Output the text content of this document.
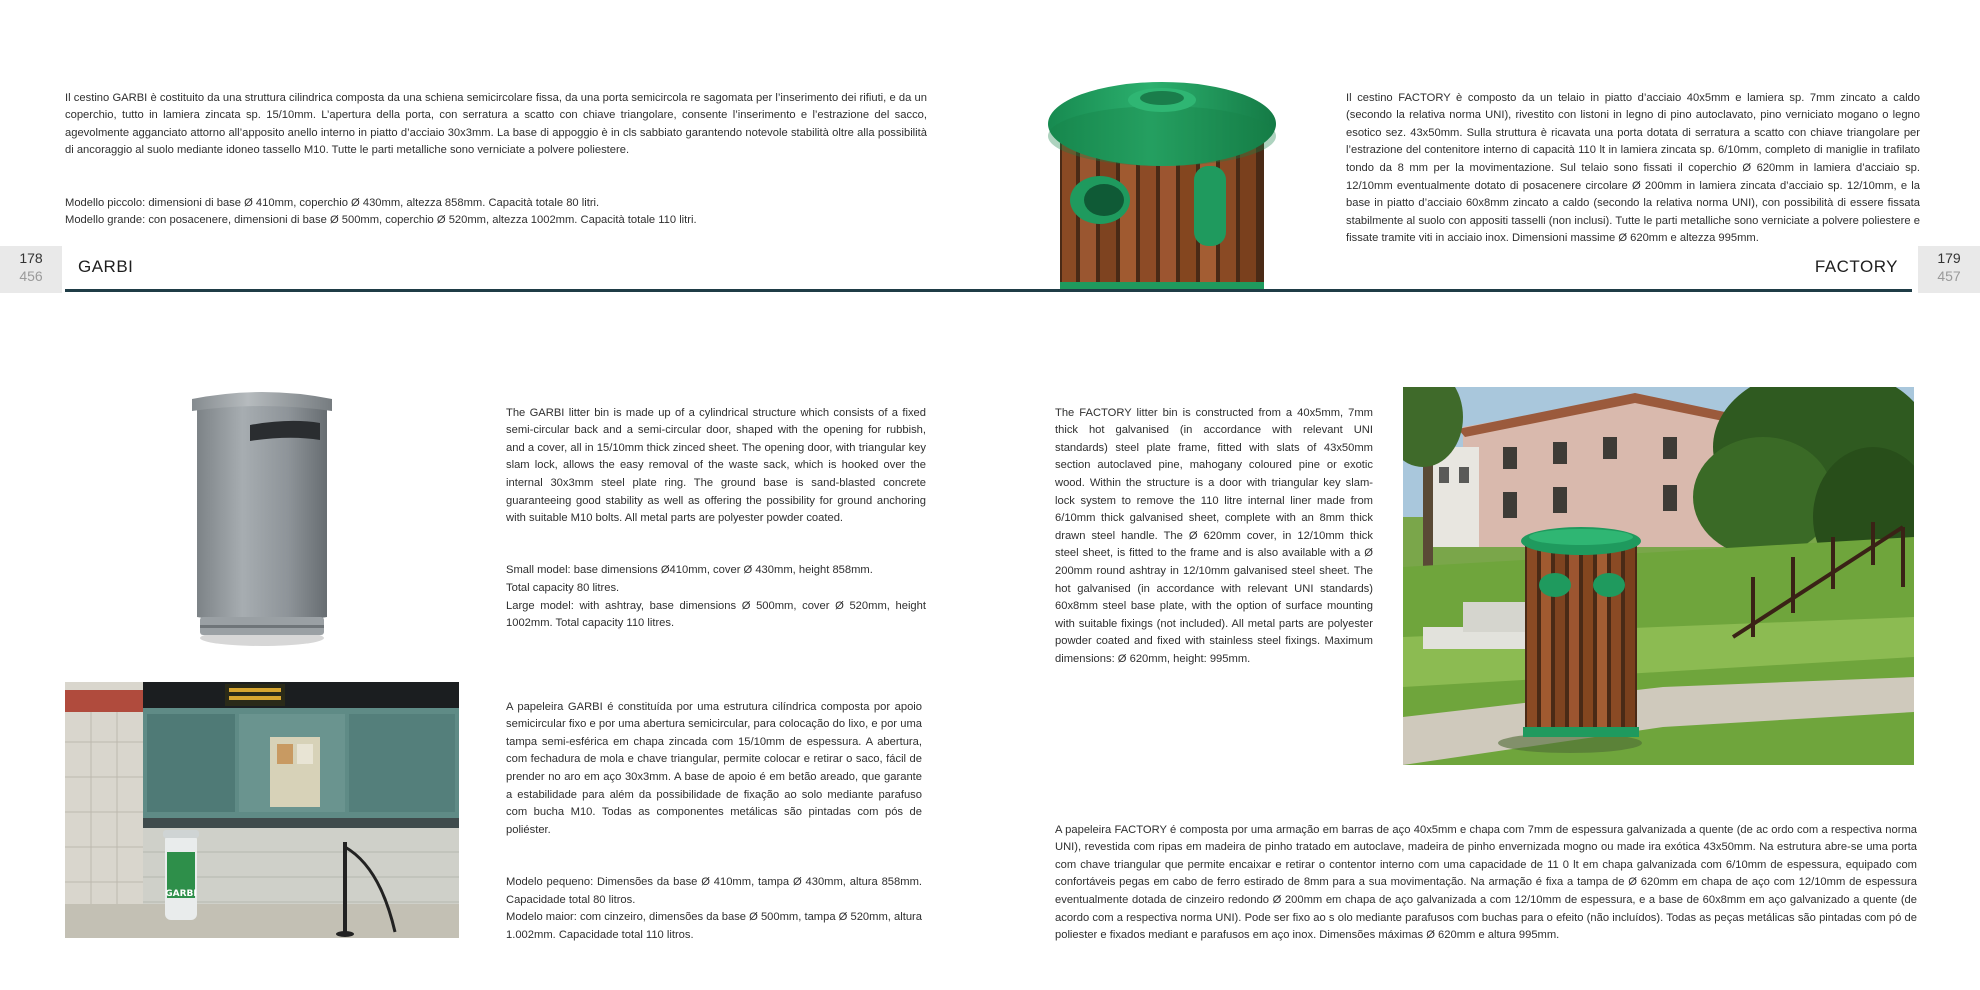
Il cestino GARBI è costituito da una struttura cilindrica composta da una schiena semicircolare fissa, da una porta semicircola re sagomata per l’inserimento dei rifiuti, e da un coperchio, tutto in lamiera zincata sp. 15/10mm. L’apertura della porta, con serratura a scatto con chiave triangolare, consente l’inserimento e l’estrazione del sacco, agevolmente agganciato attorno all’apposito anello interno in piatto d’acciaio 30x3mm. La base di appoggio è in cls sabbiato garantendo notevole stabilità oltre alla possibilità di ancoraggio al suolo mediante idoneo tassello M10. Tutte le parti metalliche sono verniciate a polvere poliestere.

Modello piccolo: dimensioni di base Ø 410mm, coperchio Ø 430mm, altezza 858mm. Capacità totale 80 litri.
Modello grande: con posacenere, dimensioni di base Ø 500mm, coperchio Ø 520mm, altezza 1002mm. Capacità totale 110 litri.

178
456	GARBI

The GARBI litter bin is made up of a cylindrical structure which consists of a fixed semi-circular back and a semi-circular door, shaped with the opening for rubbish, and a cover, all in 15/10mm thick zinced sheet. The opening door, with triangular key slam lock, allows the easy removal of the waste sack, which is hooked over the internal 30x3mm steel plate ring. The ground base is sand-blasted concrete guaranteeing good stability as well as offering the possibility for ground anchoring with suitable M10 bolts. All metal parts are polyester powder coated.

Small model: base dimensions Ø410mm, cover Ø 430mm, height 858mm.
Total capacity 80 litres.
Large model: with ashtray, base dimensions Ø 500mm, cover Ø 520mm, height 1002mm. Total capacity 110 litres.

GARBI

A papeleira GARBI é constituída por uma estrutura cilíndrica composta por apoio semicircular fixo e por uma abertura semicircular, para colocação do lixo, e por uma tampa semi-esférica em chapa zincada com 15/10mm de espessura. A abertura, com fechadura de mola e chave triangular, permite colocar e retirar o saco, fácil de prender no aro em aço 30x3mm. A base de apoio é em betão areado, que garante a estabilidade para além da possibilidade de fixação ao solo mediante parafuso com bucha M10. Todas as componentes metálicas são pintadas com pós de poliéster.

Modelo pequeno: Dimensões da base Ø 410mm, tampa Ø 430mm, altura 858mm. Capacidade total 80 litros.
Modelo maior: com cinzeiro, dimensões da base Ø 500mm, tampa Ø 520mm, altura 1.002mm. Capacidade total 110 litros.

Il cestino FACTORY è composto da un telaio in piatto d’acciaio 40x5mm e lamiera sp. 7mm zincato a caldo (secondo la relativa norma UNI), rivestito con listoni in legno di pino autoclavato, pino verniciato mogano o legno esotico sez. 43x50mm. Sulla struttura è ricavata una porta dotata di serratura a scatto con chiave triangolare per l’estrazione del contenitore interno di capacità 110 lt in lamiera zincata sp. 6/10mm, completo di maniglie in trafilato tondo da 8 mm per la movimentazione. Sul telaio sono fissati il coperchio Ø 620mm in lamiera d’acciaio sp. 12/10mm eventualmente dotato di posacenere circolare Ø 200mm in lamiera zincata d’acciaio sp. 12/10mm, e la base in piatto d’acciaio 60x8mm zincato a caldo (secondo la relativa norma UNI), con possibilità di essere fissata stabilmente al suolo con appositi tasselli (non inclusi). Tutte le parti metalliche sono verniciate a polvere poliestere e fissate tramite viti in acciaio inox. Dimensioni massime Ø 620mm e altezza 995mm.

FACTORY	179
457

The FACTORY litter bin is constructed from a 40x5mm, 7mm thick hot galvanised (in accordance with relevant UNI standards) steel plate frame, fitted with slats of 43x50mm section autoclaved pine, mahogany coloured pine or exotic wood. Within the structure is a door with triangular key slam-lock system to remove the 110 litre internal liner made from 6/10mm thick galvanised sheet, complete with an 8mm thick drawn steel handle. The Ø 620mm cover, in 12/10mm thick steel sheet, is fitted to the frame and is also available with a Ø 200mm round ashtray in 12/10mm galvanised steel sheet. The hot galvanised (in accordance with relevant UNI standards) 60x8mm steel base plate, with the option of surface mounting with suitable fixings (not included). All metal parts are polyester powder coated and fixed with stainless steel fixings. Maximum dimensions: Ø 620mm, height: 995mm.

A papeleira FACTORY é composta por uma armação em barras de aço 40x5mm e chapa com 7mm de espessura galvanizada a quente (de ac ordo com a respectiva norma UNI), revestida com ripas em madeira de pinho tratado em autoclave, madeira de pinho envernizada mogno ou made ira exótica 43x50mm. Na estrutura abre-se uma porta com chave triangular que permite encaixar e retirar o contentor interno com uma capacidade de 11 0 lt em chapa galvanizada com 6/10mm de espessura, equipado com confortáveis pegas em cabo de ferro estirado de 8mm para a sua movimentação. Na armação é fixa a tampa de Ø 620mm em chapa de aço com 12/10mm de espessura eventualmente dotada de cinzeiro redondo Ø 200mm em chapa de aço galvanizada a com 12/10mm de espessura, e a base de 60x8mm em aço galvanizado a quente (de acordo com a respectiva norma UNI). Pode ser fixo ao s olo mediante parafusos com buchas para o efeito (não incluídos). Todas as peças metálicas são pintadas com pó de poliester e fixados mediant e parafusos em aço inox. Dimensões máximas Ø 620mm e altura 995mm.
